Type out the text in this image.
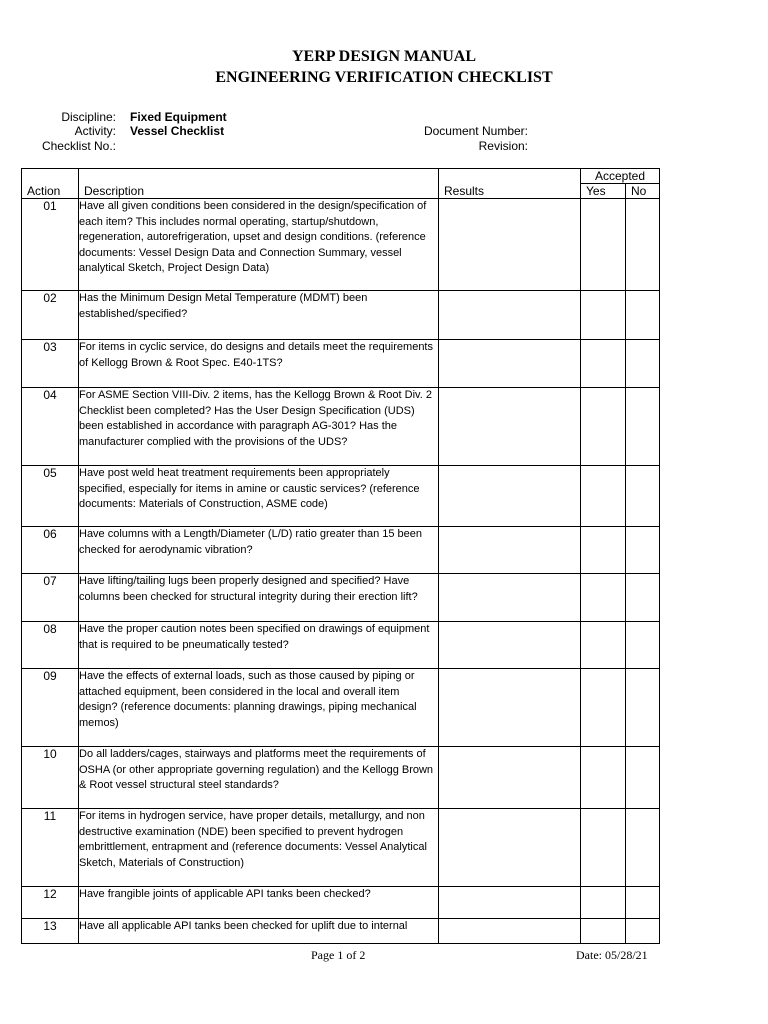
YERP DESIGN MANUAL
ENGINEERING VERIFICATION CHECKLIST
Discipline: Fixed Equipment
Activity: Vessel Checklist
Checklist No.:
Document Number:
Revision:
			Accepted	
Action	Description	Results	Yes	No
01	Have all given conditions been considered in the design/specification of each item? This includes normal operating, startup/shutdown, regeneration, autorefrigeration, upset and design conditions. (reference documents: Vessel Design Data and Connection Summary, vessel analytical Sketch, Project Design Data)			
02	Has the Minimum Design Metal Temperature (MDMT) been established/specified?			
03	For items in cyclic service, do designs and details meet the requirements of Kellogg Brown & Root Spec. E40-1TS?			
04	For ASME Section VIII-Div. 2 items, has the Kellogg Brown & Root Div. 2 Checklist been completed? Has the User Design Specification (UDS) been established in accordance with paragraph AG-301? Has the manufacturer complied with the provisions of the UDS?			
05	Have post weld heat treatment requirements been appropriately specified, especially for items in amine or caustic services? (reference documents: Materials of Construction, ASME code)			
06	Have columns with a Length/Diameter (L/D) ratio greater than 15 been checked for aerodynamic vibration?			
07	Have lifting/tailing lugs been properly designed and specified? Have columns been checked for structural integrity during their erection lift?			
08	Have the proper caution notes been specified on drawings of equipment that is required to be pneumatically tested?			
09	Have the effects of external loads, such as those caused by piping or attached equipment, been considered in the local and overall item design? (reference documents: planning drawings, piping mechanical memos)			
10	Do all ladders/cages, stairways and platforms meet the requirements of OSHA (or other appropriate governing regulation) and the Kellogg Brown & Root vessel structural steel standards?			
11	For items in hydrogen service, have proper details, metallurgy, and non destructive examination (NDE) been specified to prevent hydrogen embrittlement, entrapment and (reference documents: Vessel Analytical Sketch, Materials of Construction)			
12	Have frangible joints of applicable API tanks been checked?			
13	Have all applicable API tanks been checked for uplift due to internal			
Page 1 of 2	Date: 05/28/21
